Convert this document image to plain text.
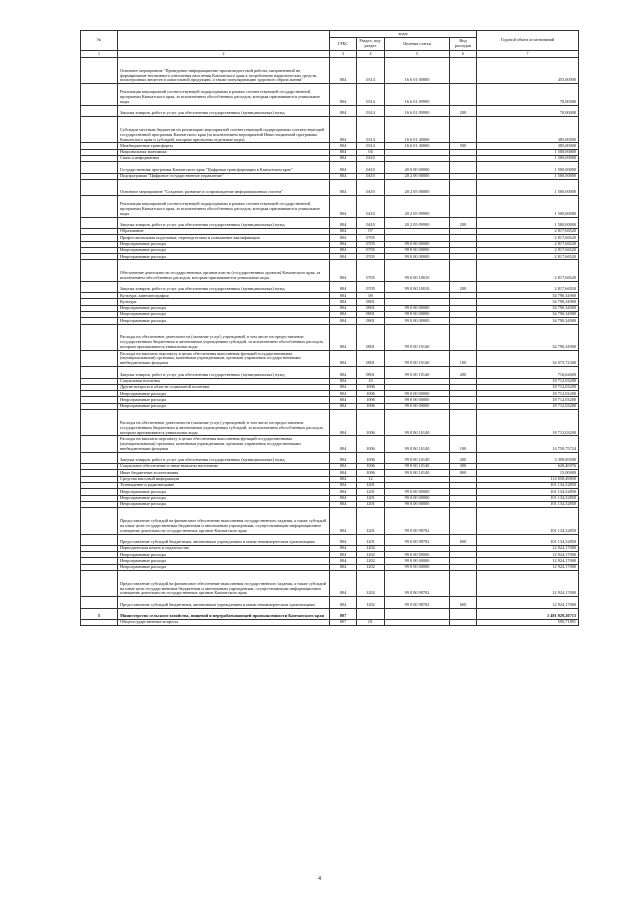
№		коды				Годовой объем ассигнований
		ГРБС	Раздел, под-раздел	Целевая статья	Вид расходов	
1	2	3	4	5	6	7
	Основное мероприятие "Проведение информационно-пропагандистской работы, направленной на формирование негативного отношения населения Камчатского края к потреблению наркотических средств, психотропных веществ и алкогольной продукции, а также популяризацию здорового образа жизни"	804	0314	16 6 01 00000		455,00000
	Реализация мероприятий соответствующей подпрограммы в рамках соответствующей государственной программы Камчатского края, за исключением обособленных расходов, которым присваиваются уникальные коды	804	0314	16 6 01 09990		70,00000
	Закупка товаров, работ и услуг для обеспечения государственных (муниципальных) нужд	804	0314	16 6 01 09990	200	70,00000
	Субсидии местным бюджетам на реализацию мероприятий соответствующей подпрограммы соответствующей государственной программы Камчатского края (за исключением мероприятий Инвестиционной программы Камчатского края и субсидий, которым присвоены отдельные коды)	804	0314	16 6 01 40060		385,00000
	Межбюджетные трансферты	804	0314	16 6 01 40060	500	385,00000
	Национальная экономика	804	04			1 500,00000
	Связь и информатика	804	0410			1 500,00000
	Государственная программа Камчатского края "Цифровая трансформации в Камчатском крае"	804	0410	20 0 00 00000		1 500,00000
	Подпрограмма "Цифровое государственное управление"	804	0410	20 2 00 00000		1 500,00000
	Основное мероприятие "Создание, развитие и сопровождение информационных систем"	804	0410	20 2 05 00000		1 500,00000
	Реализация мероприятий соответствующей подпрограммы в рамках соответствующей государственной программы Камчатского края, за исключением обособленных расходов, которым присваиваются уникальные коды	804	0410	20 2 05 09990		1 500,00000
	Закупка товаров, работ и услуг для обеспечения государственных (муниципальных) нужд	804	0410	20 2 05 09990	200	1 500,00000
	Образование	804	07			2 817,66520
	Профессиональная подготовка, переподготовка и повышение квалификации	804	0705			2 817,66520
	Непрограммные расходы	804	0705	99 0 00 00000		2 817,66520
	Непрограммные расходы	804	0705	99 0 00 00000		2 817,66520
	Непрограммные расходы	804	0705	99 0 00 00000		2 817,66520
	Обеспечение деятельности государственных органов власти (государственных органов) Камчатского края, за исключением обособленных расходов, которым присваиваются уникальные коды	804	0705	99 0 00 10010		2 817,66520
	Закупка товаров, работ и услуг для обеспечения государственных (муниципальных) нужд	804	0705	99 0 00 10010	200	2 817,66520
	Культура, кинематография	804	08			34 790,34900
	Культура	804	0801			34 790,34900
	Непрограммные расходы	804	0801	99 0 00 00000		34 790,34900
	Непрограммные расходы	804	0801	99 0 00 00000		34 790,34900
	Непрограммные расходы	804	0801	99 0 00 00000		34 790,34900
	Расходы на обеспечение деятельности (оказание услуг) учреждений, в том числе на предоставление государственным бюджетным и автономным учреждениям субсидий, за исключением обособленных расходов, которым присваиваются уникальные коды	804	0801	99 0 00 10140		34 790,34900
	Расходы на выплаты персоналу в целях обеспечения выполнения функций государственными (муниципальными) органами, казенными учреждениями, органами управления государственными внебюджетными фондами	804	0801	99 0 00 10140	100	34 073,72300
	Закупка товаров, работ и услуг для обеспечения государственных (муниципальных) нужд	804	0801	99 0 00 10140	200	716,62600
	Социальная политика	804	10			18 712,03200
	Другие вопросы в области социальной политики	804	1006			18 712,03200
	Непрограммные расходы	804	1006	99 0 00 00000		18 712,03200
	Непрограммные расходы	804	1006	99 0 00 00000		18 712,03200
	Непрограммные расходы	804	1006	99 0 00 00000		18 712,03200
	Расходы на обеспечение деятельности (оказание услуг) учреждений, в том числе на предоставление государственным бюджетным и автономным учреждениям субсидий, за исключением обособленных расходов, которым присваиваются уникальные коды	804	1006	99 0 00 10140		18 712,03200
	Расходы на выплаты персоналу в целях обеспечения выполнения функций государственными (муниципальными) органами, казенными учреждениями, органами управления государственными внебюджетными фондами	804	1006	99 0 00 10140	100	14 759,75724
	Закупка товаров, работ и услуг для обеспечения государственных (муниципальных) нужд	804	1006	99 0 00 10140	200	3 308,80500
	Социальное обеспечение и иные выплаты населению	804	1006	99 0 00 10140	300	628,46976
	Иные бюджетные ассигнования	804	1006	99 0 00 10140	800	15,00000
	Средства массовой информации	804	12			114 058,49850
	Телевидение и радиовещание	804	1201			101 134,32850
	Непрограммные расходы	804	1201	99 0 00 00000		101 134,32850
	Непрограммные расходы	804	1201	99 0 00 00000		101 134,32850
	Непрограммные расходы	804	1201	99 0 00 00000		101 134,32850
	Предоставление субсидий на финансовое обеспечение выполнения государственного задания, а также субсидий на иные цели государственным бюджетным и автономным учреждениям, осуществляющим информационное освещение деятельности государственных органов Камчатского края	804	1201	99 0 00 98702		101 134,32850
	Предоставление субсидий бюджетным, автономным учреждениям и иным некоммерческим организациям	804	1201	99 0 00 98702	600	101 134,32850
	Периодическая печать и издательства	804	1202			12 924,17000
	Непрограммные расходы	804	1202	99 0 00 00000		12 924,17000
	Непрограммные расходы	804	1202	99 0 00 00000		12 924,17000
	Непрограммные расходы	804	1202	99 0 00 00000		12 924,17000
	Предоставление субсидий на финансовое обеспечение выполнения государственного задания, а также субсидий на иные цели государственным бюджетным и автономным учреждениям, осуществляющим информационное освещение деятельности государственных органов Камчатского края	804	1202	99 0 00 98702		12 924,17000
	Предоставление субсидий бюджетным, автономным учреждениям и иным некоммерческим организациям	804	1202	99 0 00 98702	600	12 924,17000
5	Министерство сельского хозяйства, пищевой и перерабатывающей промышленности Камчатского края	807				1 481 029,20713
	Общегосударственные вопросы	807	01			590,71891
4
